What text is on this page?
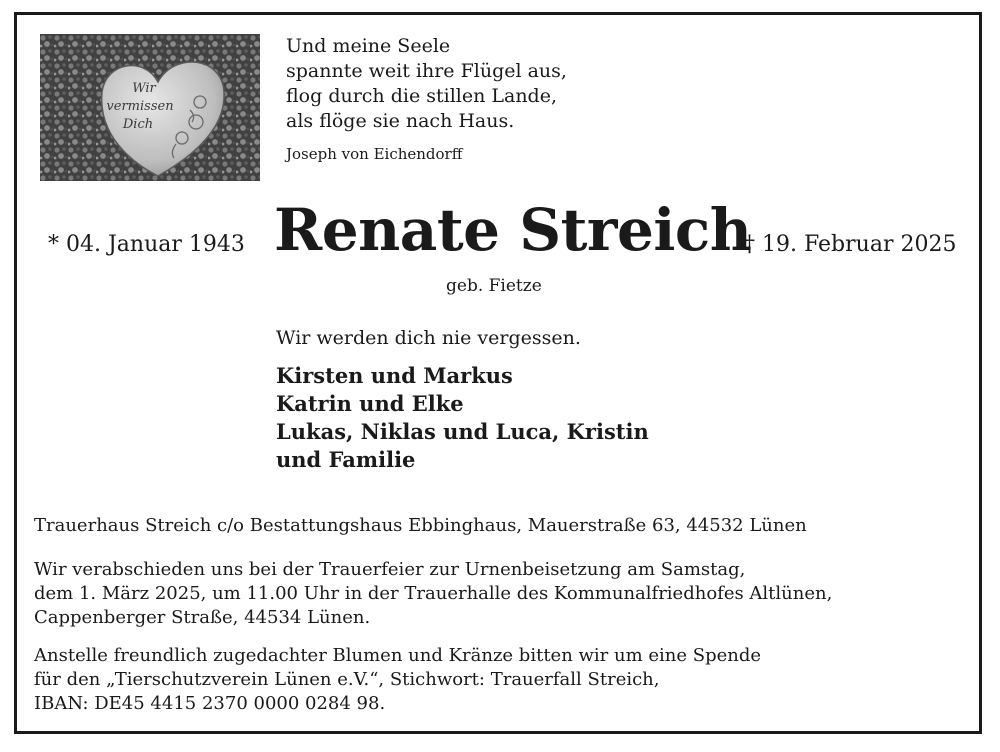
Wir
vermissen
Dich
Und meine Seele
spannte weit ihre Flügel aus,
flog durch die stillen Lande,
als flöge sie nach Haus.
Joseph von Eichendorff
* 04. Januar 1943 Renate Streich
† 19. Februar 2025
geb. Fietze
Wir werden dich nie vergessen.
Kirsten und Markus
Katrin und Elke
Lukas, Niklas und Luca, Kristin
und Familie

Trauerhaus Streich c/o Bestattungshaus Ebbinghaus, Mauerstraße 63, 44532 Lünen

Wir verabschieden uns bei der Trauerfeier zur Urnenbeisetzung am Samstag,

dem 1. März 2025, um 11.00 Uhr in der Trauerhalle des Kommunalfriedhofes Altlünen,

Cappenberger Straße, 44534 Lünen.

Anstelle freundlich zugedachter Blumen und Kränze bitten wir um eine Spende

für den „Tierschutzverein Lünen e.V.“, Stichwort: Trauerfall Streich,

IBAN: DE45 4415 2370 0000 0284 98.
